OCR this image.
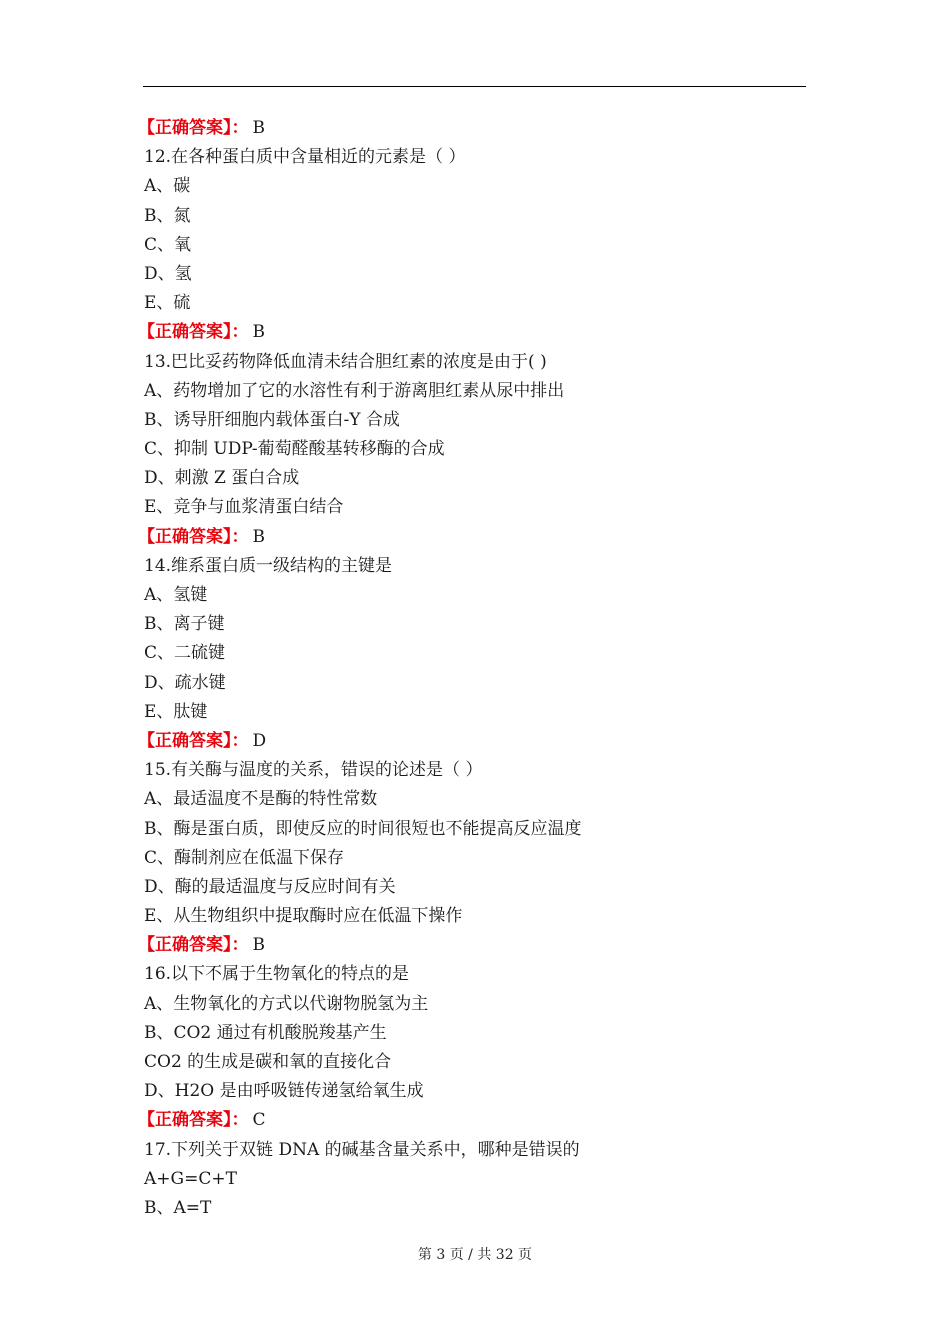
【正确答案】： B
12.在各种蛋白质中含量相近的元素是（ ）
A、碳
B、氮
C、氧
D、氢
E、硫
【正确答案】： B
13.巴比妥药物降低血清未结合胆红素的浓度是由于( )
A、药物增加了它的水溶性有利于游离胆红素从尿中排出
B、诱导肝细胞内载体蛋白-Y 合成
C、抑制 UDP-葡萄醛酸基转移酶的合成
D、刺激 Z 蛋白合成
E、竞争与血浆清蛋白结合
【正确答案】： B
14.维系蛋白质一级结构的主键是
A、氢键
B、离子键
C、二硫键
D、疏水键
E、肽键
【正确答案】： D
15.有关酶与温度的关系，错误的论述是（ ）
A、最适温度不是酶的特性常数
B、酶是蛋白质，即使反应的时间很短也不能提高反应温度
C、酶制剂应在低温下保存
D、酶的最适温度与反应时间有关
E、从生物组织中提取酶时应在低温下操作
【正确答案】： B
16.以下不属于生物氧化的特点的是
A、生物氧化的方式以代谢物脱氢为主
B、CO2 通过有机酸脱羧基产生
CO2 的生成是碳和氧的直接化合
D、H2O 是由呼吸链传递氢给氧生成
【正确答案】： C
17.下列关于双链 DNA 的碱基含量关系中，哪种是错误的
A+G=C+T
B、A=T
第 3 页 / 共 32 页
